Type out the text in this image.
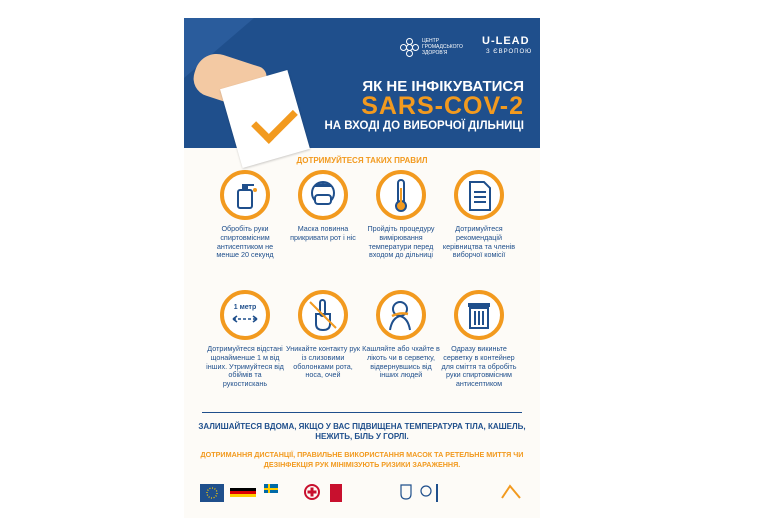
ЦЕНТР ГРОМАДСЬКОГО ЗДОРОВ'Я
U-LEAD
З ЄВРОПОЮ
ЯК НЕ ІНФІКУВАТИСЯ
SARS-COV-2
НА ВХОДІ ДО ВИБОРЧОЇ ДІЛЬНИЦІ
ДОТРИМУЙТЕСЯ ТАКИХ ПРАВИЛ
Обробіть руки спиртовмісним антисептиком не менше 20 секунд
Маска повинна прикривати рот і ніс
Пройдіть процедуру вимірювання температури перед входом до дільниці
Дотримуйтеся рекомендацій керівництва та членів виборчої комісії
1 метр
Дотримуйтеся відстані щонайменше 1 м від інших. Утримуйтеся від обіймів та рукостискань
Уникайте контакту рук із слизовими оболонками рота, носа, очей
Кашляйте або чхайте в лікоть чи в серветку, відвернувшись від інших людей
Одразу викиньте серветку в контейнер для сміття та обробіть руки спиртовмісним антисептиком
ЗАЛИШАЙТЕСЯ ВДОМА, ЯКЩО У ВАС ПІДВИЩЕНА ТЕМПЕРАТУРА ТІЛА, КАШЕЛЬ, НЕЖИТЬ, БІЛЬ У ГОРЛІ.
ДОТРИМАННЯ ДИСТАНЦІЇ, ПРАВИЛЬНЕ ВИКОРИСТАННЯ МАСОК ТА РЕТЕЛЬНЕ МИТТЯ ЧИ ДЕЗІНФЕКЦІЯ РУК МІНІМІЗУЮТЬ РИЗИКИ ЗАРАЖЕННЯ.
